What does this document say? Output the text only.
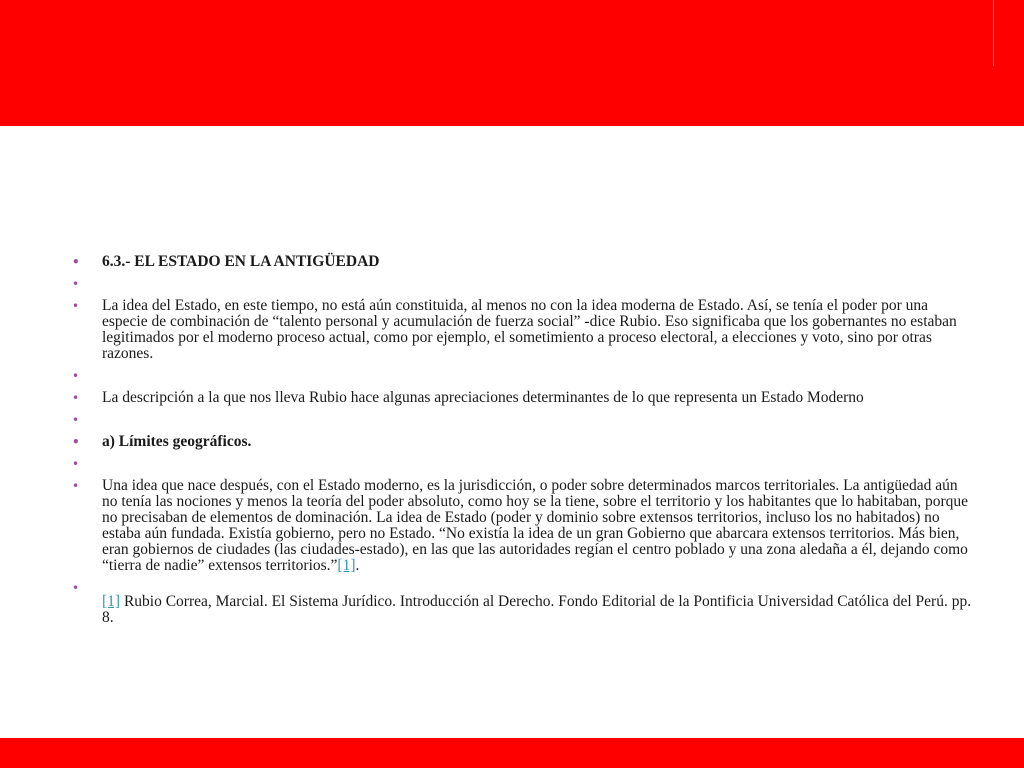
• 6.3.- EL ESTADO EN LA ANTIGÜEDAD
•
• La idea del Estado, en este tiempo, no está aún constituida, al menos no con la idea moderna de Estado. Así, se tenía el poder por una especie de combinación de “talento personal y acumulación de fuerza social” -dice Rubio. Eso significaba que los gobernantes no estaban legitimados por el moderno proceso actual, como por ejemplo, el sometimiento a proceso electoral, a elecciones y voto, sino por otras razones.
•
• La descripción a la que nos lleva Rubio hace algunas apreciaciones determinantes de lo que representa un Estado Moderno
•
• a) Límites geográficos.
•
• Una idea que nace después, con el Estado moderno, es la jurisdicción, o poder sobre determinados marcos territoriales. La antigüedad aún no tenía las nociones y menos la teoría del poder absoluto, como hoy se la tiene, sobre el territorio y los habitantes que lo habitaban, porque no precisaban de elementos de dominación. La idea de Estado (poder y dominio sobre extensos territorios, incluso los no habitados) no estaba aún fundada. Existía gobierno, pero no Estado. “No existía la idea de un gran Gobierno que abarcara extensos territorios. Más bien, eran gobiernos de ciudades (las ciudades-estado), en las que las autoridades regían el centro poblado y una zona aledaña a él, dejando como “tierra de nadie” extensos territorios.”[1].
• [1] Rubio Correa, Marcial. El Sistema Jurídico. Introducción al Derecho. Fondo Editorial de la Pontificia Universidad Católica del Perú. pp. 8.
